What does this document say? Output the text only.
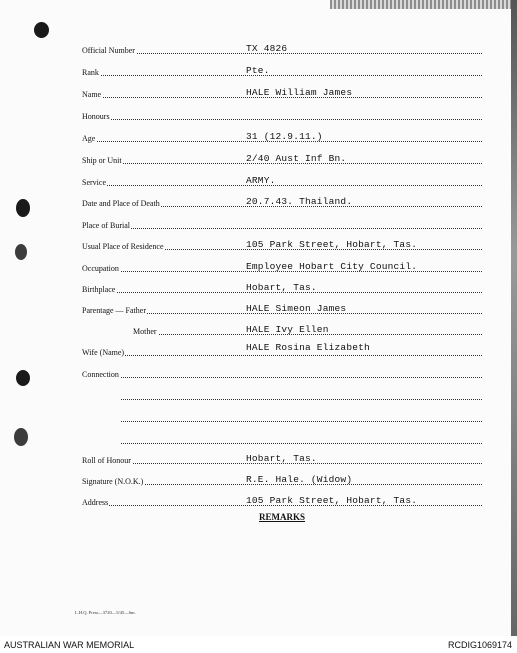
Official Number	TX 4826
Rank	Pte.
Name	HALE William James
Honours
Age	31 (12.9.11.)
Ship or Unit	2/40 Aust Inf Bn.
Service	ARMY.
Date and Place of Death	20.7.43. Thailand.
Place of Burial
Usual Place of Residence	105 Park Street, Hobart, Tas.
Occupation	Employee Hobart City Council.
Birthplace	Hobart, Tas.
Parentage — Father	HALE Simeon James
Mother	HALE Ivy Ellen
Wife (Name)	HALE Rosina Elizabeth
Connection
Roll of Honour	Hobart, Tas.
Signature (N.O.K.)	R.E. Hale. (Widow)
Address	105 Park Street, Hobart, Tas.
REMARKS
L.H.Q. Press—3720—5/45—6m.
AUSTRALIAN WAR MEMORIAL	RCDIG1069174
